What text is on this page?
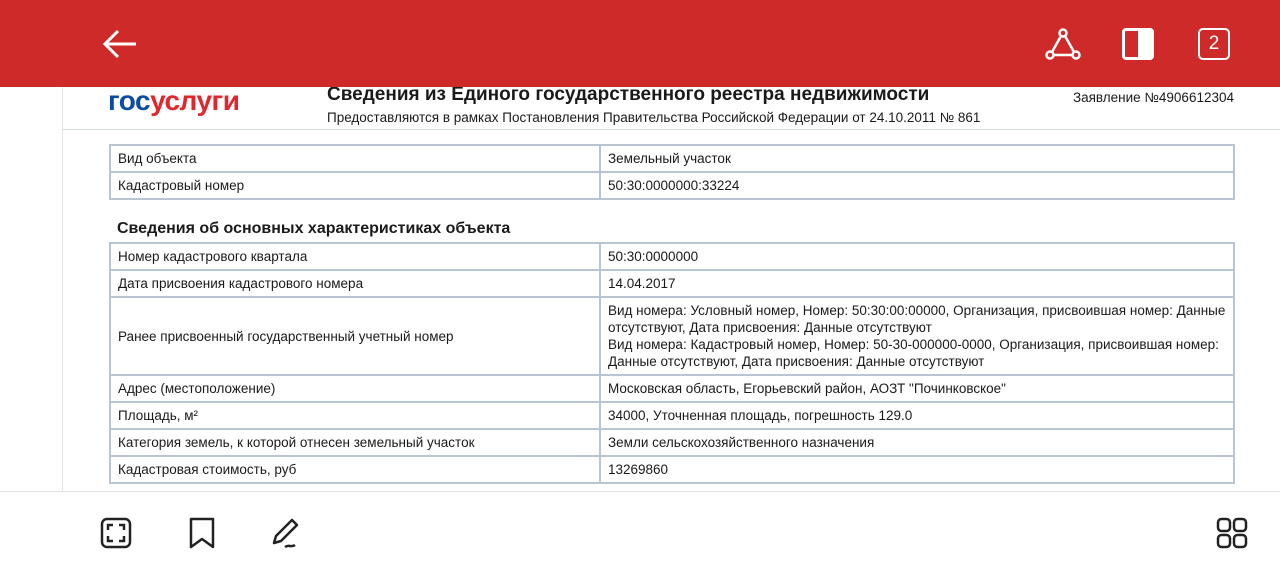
2
госуслуги	Сведения из Единого государственного реестра недвижимости
Предоставляются в рамках Постановления Правительства Российской Федерации от 24.10.2011 № 861
Заявление №4906612304
Вид объекта	Земельный участок
Кадастровый номер	50:30:0000000:33224
Сведения об основных характеристиках объекта
Номер кадастрового квартала	50:30:0000000
Дата присвоения кадастрового номера	14.04.2017
Ранее присвоенный государственный учетный номер	Вид номера: Условный номер, Номер: 50:30:00:00000, Организация, присвоившая номер: Данные отсутствуют, Дата присвоения: Данные отсутствуют
Вид номера: Кадастровый номер, Номер: 50-30-000000-0000, Организация, присвоившая номер: Данные отсутствуют, Дата присвоения: Данные отсутствуют
Адрес (местоположение)	Московская область, Егорьевский район, АОЗТ "Починковское"
Площадь, м²	34000, Уточненная площадь, погрешность 129.0
Категория земель, к которой отнесен земельный участок	Земли сельскохозяйственного назначения
Кадастровая стоимость, руб	13269860
